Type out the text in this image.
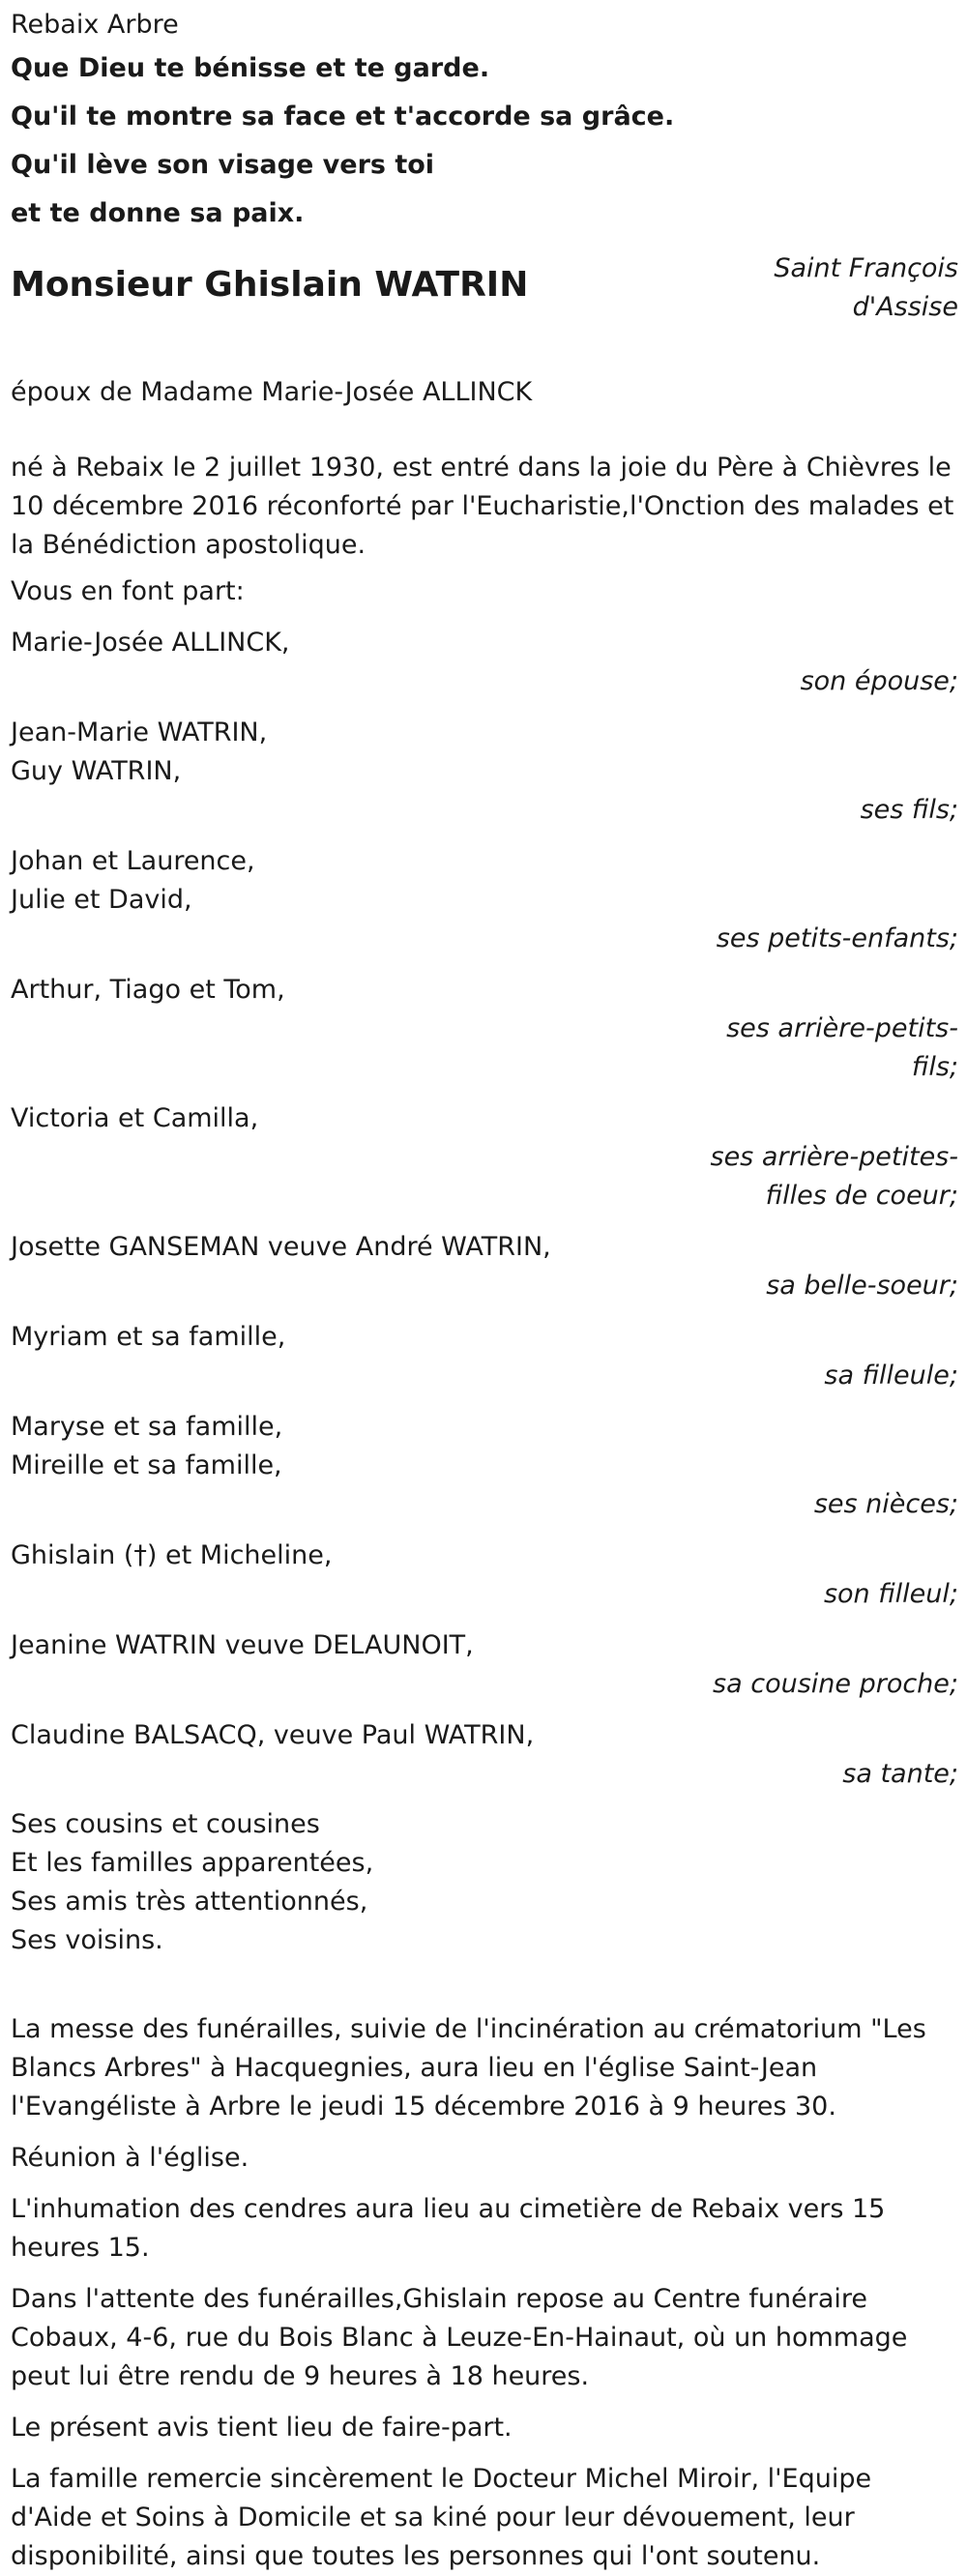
Rebaix Arbre

Que Dieu te bénisse et te garde.

Qu'il te montre sa face et t'accorde sa grâce.

Qu'il lève son visage vers toi

et te donne sa paix.

Monsieur Ghislain WATRIN	Saint François
d'Assise

époux de Madame Marie-Josée ALLINCK

né à Rebaix le 2 juillet 1930, est entré dans la joie du Père à Chièvres le 10 décembre 2016 réconforté par l'Eucharistie,l'Onction des malades et la Bénédiction apostolique.

Vous en font part:

Marie-Josée ALLINCK,

son épouse;

Jean-Marie WATRIN,

Guy WATRIN,

ses fils;

Johan et Laurence,

Julie et David,

ses petits-enfants;

Arthur, Tiago et Tom,

ses arrière-petits-fils;

Victoria et Camilla,

ses arrière-petites-filles de coeur;

Josette GANSEMAN veuve André WATRIN,

sa belle-soeur;

Myriam et sa famille,

sa filleule;

Maryse et sa famille,

Mireille et sa famille,

ses nièces;

Ghislain (†) et Micheline,

son filleul;

Jeanine WATRIN veuve DELAUNOIT,

sa cousine proche;

Claudine BALSACQ, veuve Paul WATRIN,

sa tante;

Ses cousins et cousines

Et les familles apparentées,

Ses amis très attentionnés,

Ses voisins.

La messe des funérailles, suivie de l'incinération au crématorium "Les Blancs Arbres" à Hacquegnies, aura lieu en l'église Saint-Jean l'Evangéliste à Arbre le jeudi 15 décembre 2016 à 9 heures 30.

Réunion à l'église.

L'inhumation des cendres aura lieu au cimetière de Rebaix vers 15 heures 15.

Dans l'attente des funérailles,Ghislain repose au Centre funéraire Cobaux, 4-6, rue du Bois Blanc à Leuze-En-Hainaut, où un hommage peut lui être rendu de 9 heures à 18 heures.

Le présent avis tient lieu de faire-part.

La famille remercie sincèrement le Docteur Michel Miroir, l'Equipe d'Aide et Soins à Domicile et sa kiné pour leur dévouement, leur disponibilité, ainsi que toutes les personnes qui l'ont soutenu.
